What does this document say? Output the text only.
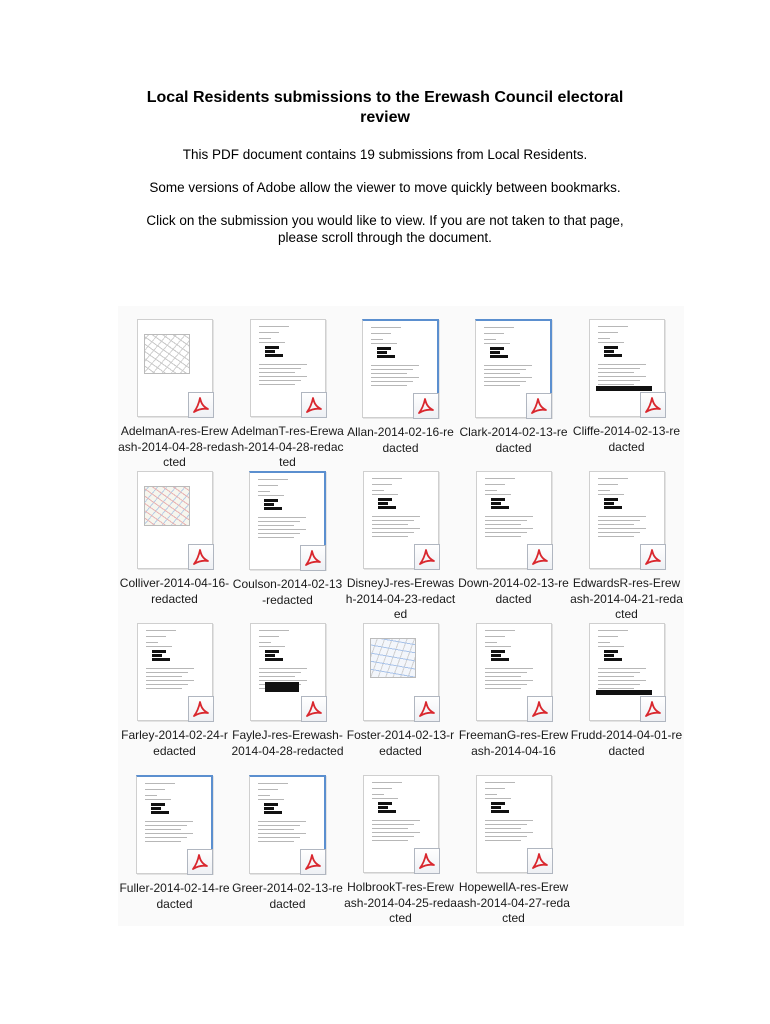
Local Residents submissions to the Erewash Council electoral review
This PDF document contains 19 submissions from Local Residents.
Some versions of Adobe allow the viewer to move quickly between bookmarks.
Click on the submission you would like to view. If you are not taken to that page, please scroll through the document.
AdelmanA-res-Erewash-2014-04-28-redacted
AdelmanT-res-Erewash-2014-04-28-redacted
Allan-2014-02-16-redacted
Clark-2014-02-13-redacted
Cliffe-2014-02-13-redacted
Colliver-2014-04-16-redacted
Coulson-2014-02-13-redacted
DisneyJ-res-Erewash-2014-04-23-redacted
Down-2014-02-13-redacted
EdwardsR-res-Erewash-2014-04-21-redacted
Farley-2014-02-24-redacted
FayleJ-res-Erewash-2014-04-28-redacted
Foster-2014-02-13-redacted
FreemanG-res-Erewash-2014-04-16
Frudd-2014-04-01-redacted
Fuller-2014-02-14-redacted
Greer-2014-02-13-redacted
HolbrookT-res-Erewash-2014-04-25-redacted
HopewellA-res-Erewash-2014-04-27-redacted
